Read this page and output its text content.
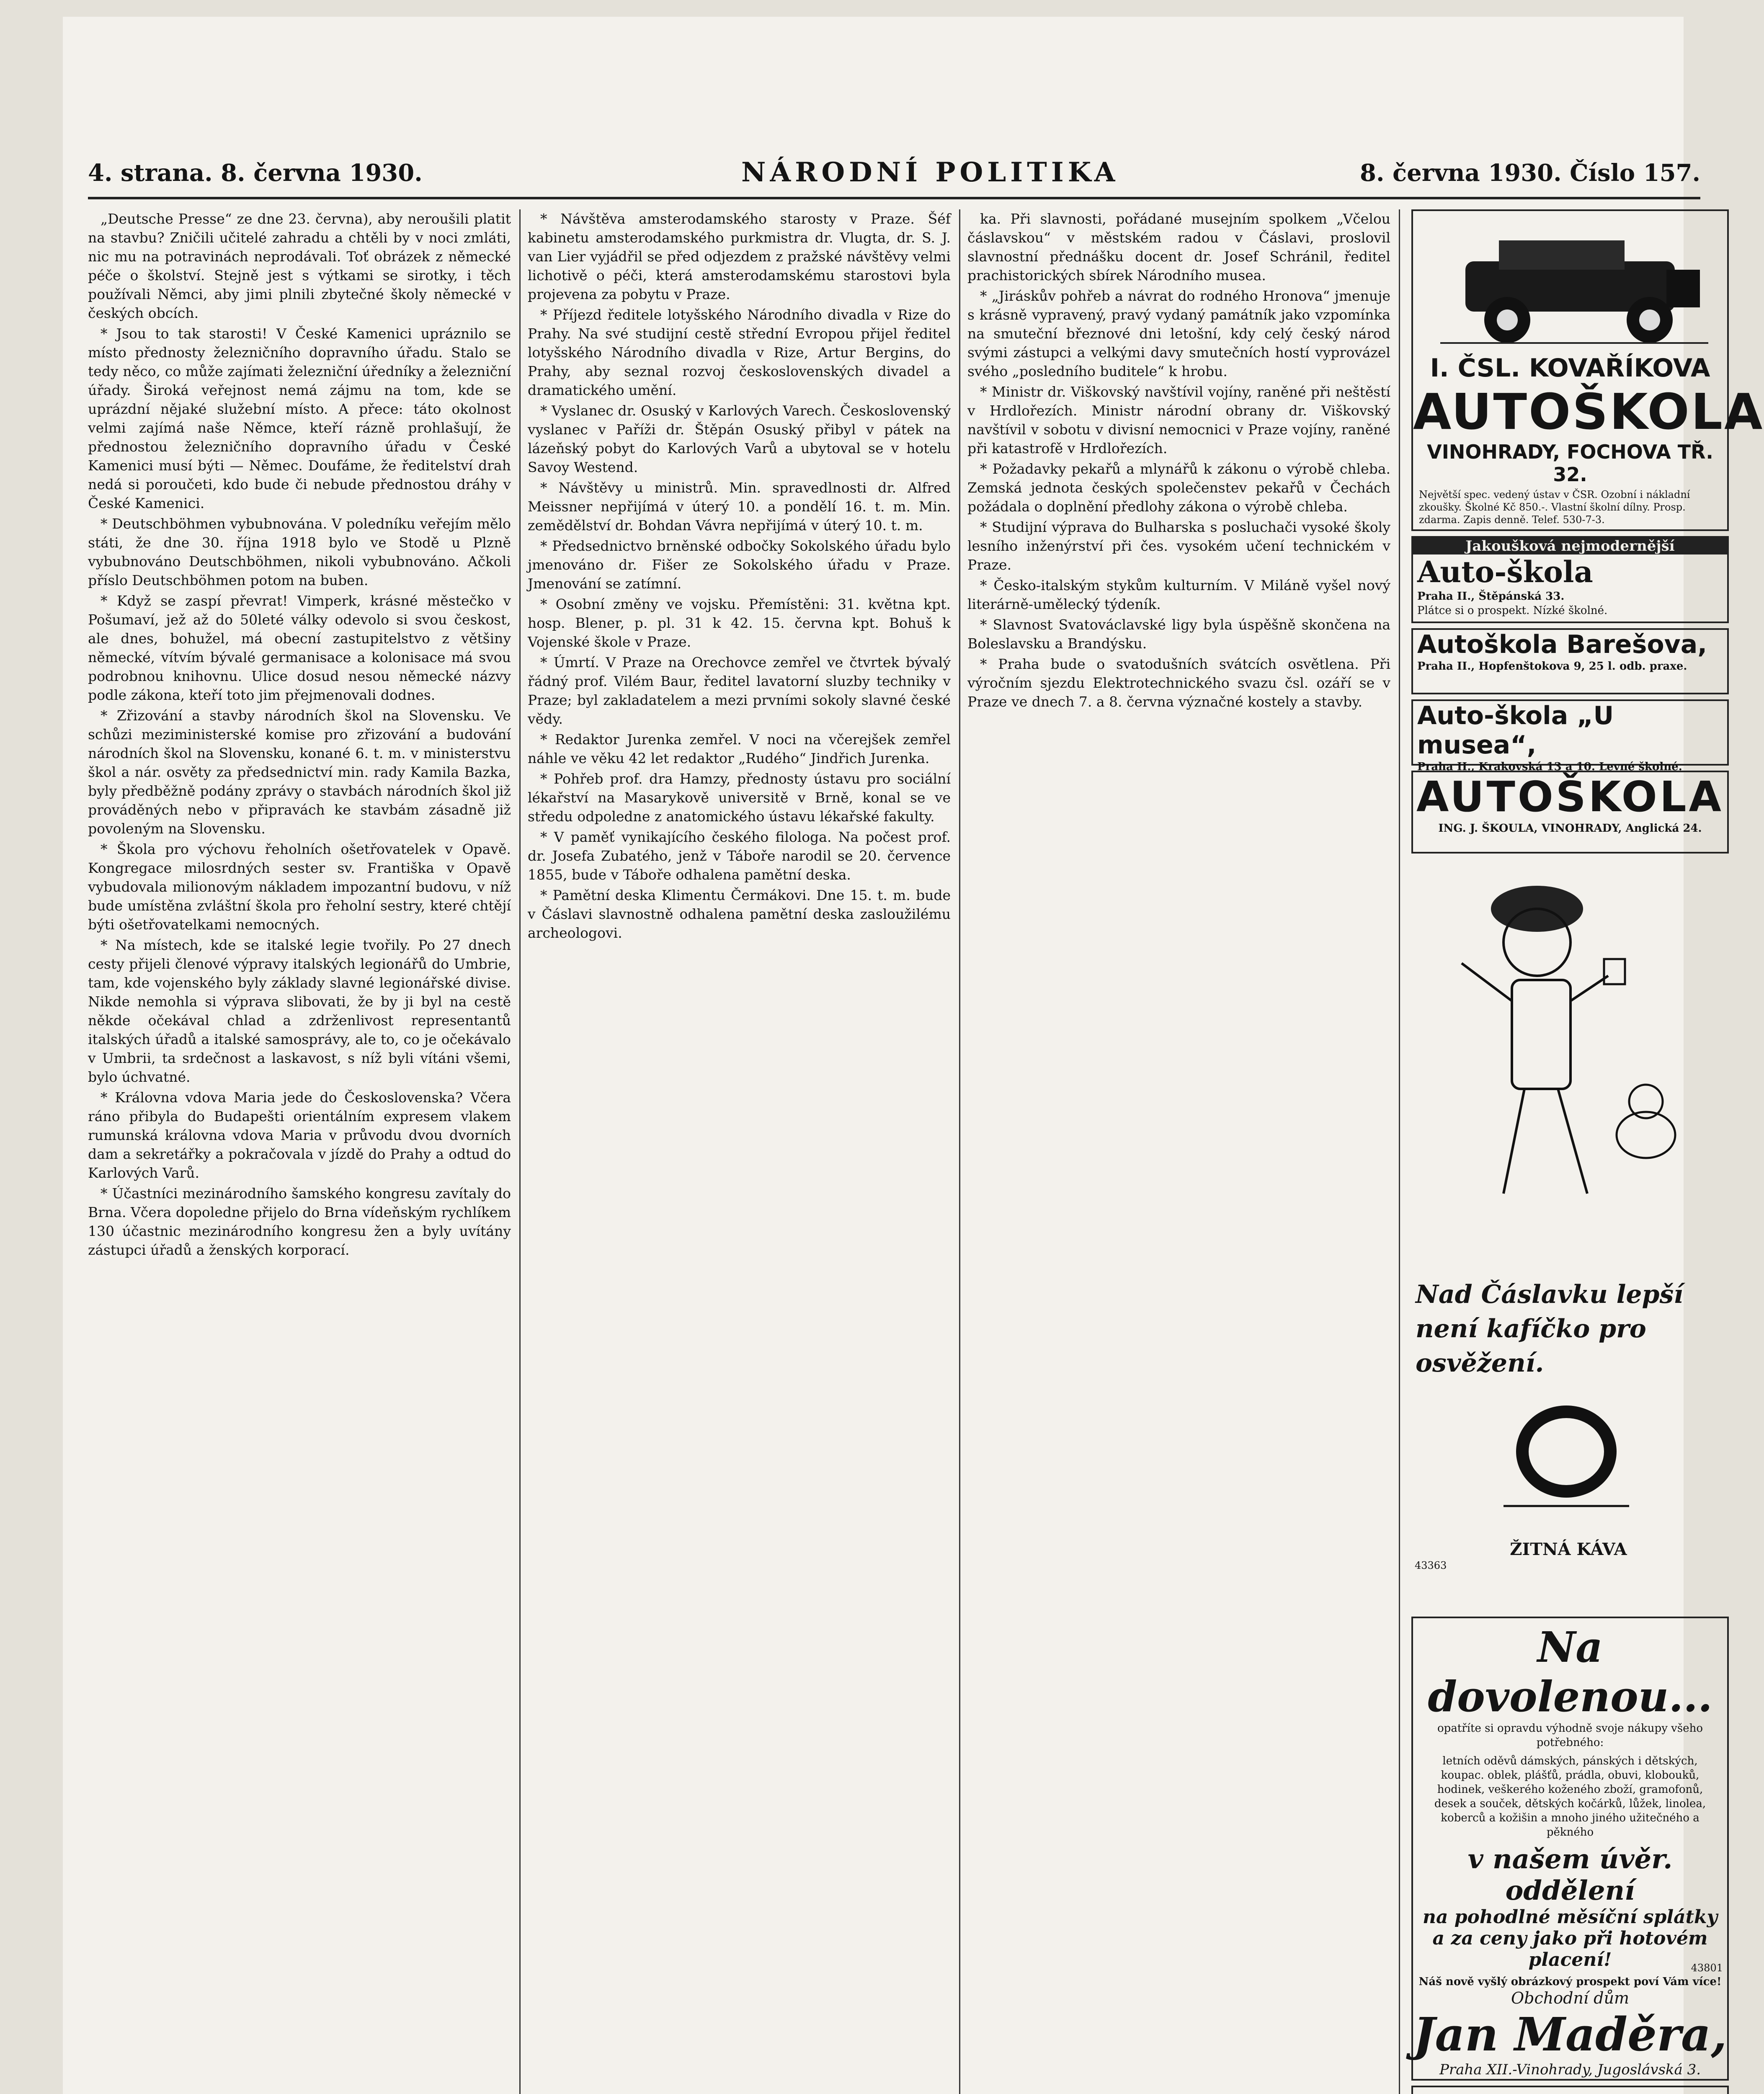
4. strana. 8. června 1930.	NÁRODNÍ POLITIKA	8. června 1930. Číslo 157.

„Deutsche Presse“ ze dne 23. června), aby neroušili platit na stavbu? Zničili učitelé zahradu a chtěli by v noci zmláti, nic mu na potravinách neprodávali. Toť obrázek z německé péče o školství. Stejně jest s výtkami se sirotky, i těch používali Němci, aby jimi plnili zbytečné školy německé v českých obcích.

* Jsou to tak starosti! V České Kamenici upráznilo se místo přednosty železničního dopravního úřadu. Stalo se tedy něco, co může zajímati železniční úředníky a železniční úřady. Široká veřejnost nemá zájmu na tom, kde se uprázdní nějaké služební místo. A přece: táto okolnost velmi zajímá naše Němce, kteří rázně prohlašují, že přednostou železničního dopravního úřadu v České Kamenici musí býti — Němec. Doufáme, že ředitelství drah nedá si poroučeti, kdo bude či nebude přednostou dráhy v České Kamenici.

* Deutschböhmen vybubnována. V poledníku veřejím mělo státi, že dne 30. října 1918 bylo ve Stodě u Plzně vybubnováno Deutschböhmen, nikoli vybubnováno. Ačkoli příslo Deutschböhmen potom na buben.

* Když se zaspí převrat! Vimperk, krásné městečko v Pošumaví, jež až do 50leté války odevolo si svou českost, ale dnes, bohužel, má obecní zastupitelstvo z většiny německé, vítvím bývalé germanisace a kolonisace má svou podrobnou knihovnu. Ulice dosud nesou německé názvy podle zákona, kteří toto jim přejmenovali dodnes.

* Zřizování a stavby národních škol na Slovensku. Ve schůzi meziministerské komise pro zřizování a budování národních škol na Slovensku, konané 6. t. m. v ministerstvu škol a nár. osvěty za předsednictví min. rady Kamila Bazka, byly předběžně podány zprávy o stavbách národních škol již prováděných nebo v připravách ke stavbám zásadně již povoleným na Slovensku.

* Škola pro výchovu řeholních ošetřovatelek v Opavě. Kongregace milosrdných sester sv. Františka v Opavě vybudovala milionovým nákladem impozantní budovu, v níž bude umístěna zvláštní škola pro řeholní sestry, které chtějí býti ošetřovatelkami nemocných.

* Na místech, kde se italské legie tvořily. Po 27 dnech cesty přijeli členové výpravy italských legionářů do Umbrie, tam, kde vojenského byly základy slavné legionářské divise. Nikde nemohla si výprava slibovati, že by ji byl na cestě někde očekával chlad a zdrženlivost representantů italských úřadů a italské samosprávy, ale to, co je očekávalo v Umbrii, ta srdečnost a laskavost, s níž byli vítáni všemi, bylo úchvatné.

* Královna vdova Maria jede do Československa? Včera ráno přibyla do Budapešti orientálním expresem vlakem rumunská královna vdova Maria v průvodu dvou dvorních dam a sekretářky a pokračovala v jízdě do Prahy a odtud do Karlových Varů.

* Účastníci mezinárodního šamského kongresu zavítaly do Brna. Včera dopoledne přijelo do Brna vídeňským rychlíkem 130 účastnic mezinárodního kongresu žen a byly uvítány zástupci úřadů a ženských korporací.

* Návštěva amsterodamského starosty v Praze. Šéf kabinetu amsterodamského purkmistra dr. Vlugta, dr. S. J. van Lier vyjádřil se před odjezdem z pražské návštěvy velmi lichotivě o péči, která amsterodamskému starostovi byla projevena za pobytu v Praze.

* Příjezd ředitele lotyšského Národního divadla v Rize do Prahy. Na své studijní cestě střední Evropou přijel ředitel lotyšského Národního divadla v Rize, Artur Bergins, do Prahy, aby seznal rozvoj československých divadel a dramatického umění.

* Vyslanec dr. Osuský v Karlových Varech. Československý vyslanec v Paříži dr. Štěpán Osuský přibyl v pátek na lázeňský pobyt do Karlových Varů a ubytoval se v hotelu Savoy Westend.

* Návštěvy u ministrů. Min. spravedlnosti dr. Alfred Meissner nepřijímá v úterý 10. a pondělí 16. t. m. Min. zemědělství dr. Bohdan Vávra nepřijímá v úterý 10. t. m.

* Předsednictvo brněnské odbočky Sokolského úřadu bylo jmenováno dr. Fišer ze Sokolského úřadu v Praze. Jmenování se zatímní.

* Osobní změny ve vojsku. Přemístěni: 31. května kpt. hosp. Blener, p. pl. 31 k 42. 15. června kpt. Bohuš k Vojenské škole v Praze.

* Úmrtí. V Praze na Orechovce zemřel ve čtvrtek bývalý řádný prof. Vilém Baur, ředitel lavatorní sluzby techniky v Praze; byl zakladatelem a mezi prvními sokoly slavné české vědy.

* Redaktor Jurenka zemřel. V noci na včerejšek zemřel náhle ve věku 42 let redaktor „Rudého“ Jindřich Jurenka.

* Pohřeb prof. dra Hamzy, přednosty ústavu pro sociální lékařství na Masarykově universitě v Brně, konal se ve středu odpoledne z anatomického ústavu lékařské fakulty.

* V paměť vynikajícího českého filologa. Na počest prof. dr. Josefa Zubatého, jenž v Táboře narodil se 20. července 1855, bude v Táboře odhalena pamětní deska.

* Pamětní deska Klimentu Čermákovi. Dne 15. t. m. bude v Čáslavi slavnostně odhalena pamětní deska zasloužilému archeologovi.

ka. Při slavnosti, pořádané musejním spolkem „Včelou čáslavskou“ v městském radou v Čáslavi, proslovil slavnostní přednášku docent dr. Josef Schránil, ředitel prachistorických sbírek Národního musea.

* „Jiráskův pohřeb a návrat do rodného Hronova“ jmenuje s krásně vypravený, pravý vydaný památník jako vzpomínka na smuteční březnové dni letošní, kdy celý český národ svými zástupci a velkými davy smutečních hostí vyprovázel svého „posledního buditele“ k hrobu.

* Ministr dr. Viškovský navštívil vojíny, raněné při neštěstí v Hrdlořezích. Ministr národní obrany dr. Viškovský navštívil v sobotu v divisní nemocnici v Praze vojíny, raněné při katastrofě v Hrdlořezích.

* Požadavky pekařů a mlynářů k zákonu o výrobě chleba. Zemská jednota českých společenstev pekařů v Čechách požádala o doplnění předlohy zákona o výrobě chleba.

* Studijní výprava do Bulharska s posluchači vysoké školy lesního inženýrství při čes. vysokém učení technickém v Praze.

* Česko-italským stykům kulturním. V Miláně vyšel nový literárně-umělecký týdeník.

* Slavnost Svatováclavské ligy byla úspěšně skončena na Boleslavsku a Brandýsku.

* Praha bude o svatodušních svátcích osvětlena. Při výročním sjezdu Elektrotechnického svazu čsl. ozáří se v Praze ve dnech 7. a 8. června význačné kostely a stavby.

I. ČSL. KOVAŘÍKOVA
AUTOŠKOLA
VINOHRADY, FOCHOVA TŘ. 32.
Největší spec. vedený ústav v ČSR. Ozobní i nákladní zkoušky. Školné Kč 850.-. Vlastní školní dílny. Prosp. zdarma. Zapis denně. Telef. 530-7-3.
Jakoušková nejmodernější
Auto-škola
Praha II., Štěpánská 33.
Plátce si o prospekt. Nízké školné.
Autoškola Barešova,
Praha II., Hopfenštokova 9, 25 l. odb. praxe.
Auto-škola „U musea“,
Praha II., Krakovská 13 a 10. Levné školné.
AUTOŠKOLA
ING. J. ŠKOULA, VINOHRADY, Anglická 24.
Nad Čáslavku lepší není kafíčko pro osvěžení.
ŽITNÁ KÁVA
43363
Na dovolenou...
opatříte si opravdu výhodně svoje nákupy všeho potřebného:
letních oděvů dámských, pánských i dětských, koupac. oblek, plášťů, prádla, obuvi, klobouků, hodinek, veškerého koženého zboží, gramofonů, desek a souček, dětských kočárků, lůžek, linolea, koberců a kožišin a mnoho jiného užitečného a pěkného
v našem úvěr. oddělení
na pohodlné měsíční splátky a za ceny jako při hotovém placení!
Náš nově vyšlý obrázkový prospekt poví Vám více!
Obchodní dům
Jan Maděra,
Praha XII.-Vinohrady, Jugoslávská 3.
43801
